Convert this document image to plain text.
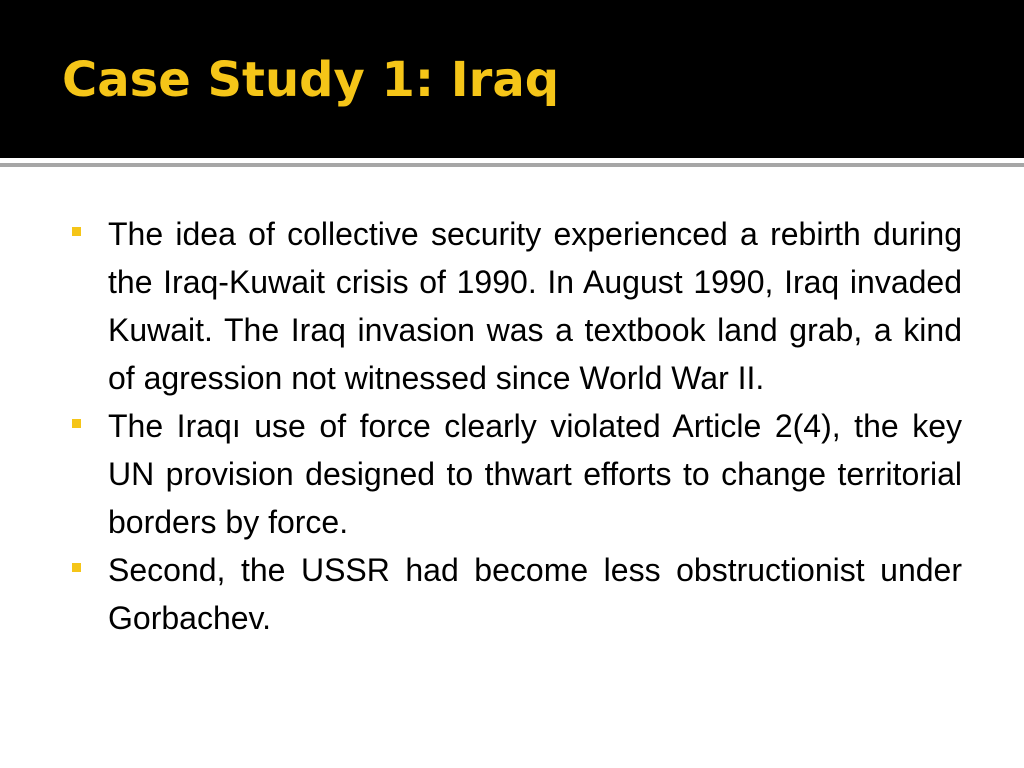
Case Study 1: Iraq
The idea of collective security experienced a rebirth during the Iraq-Kuwait crisis of 1990. In August 1990, Iraq invaded Kuwait. The Iraq invasion was a textbook land grab, a kind of agression not witnessed since World War II.
The Iraqı use of force clearly violated Article 2(4), the key UN provision designed to thwart efforts to change territorial borders by force.
Second, the USSR had become less obstructionist under Gorbachev.
